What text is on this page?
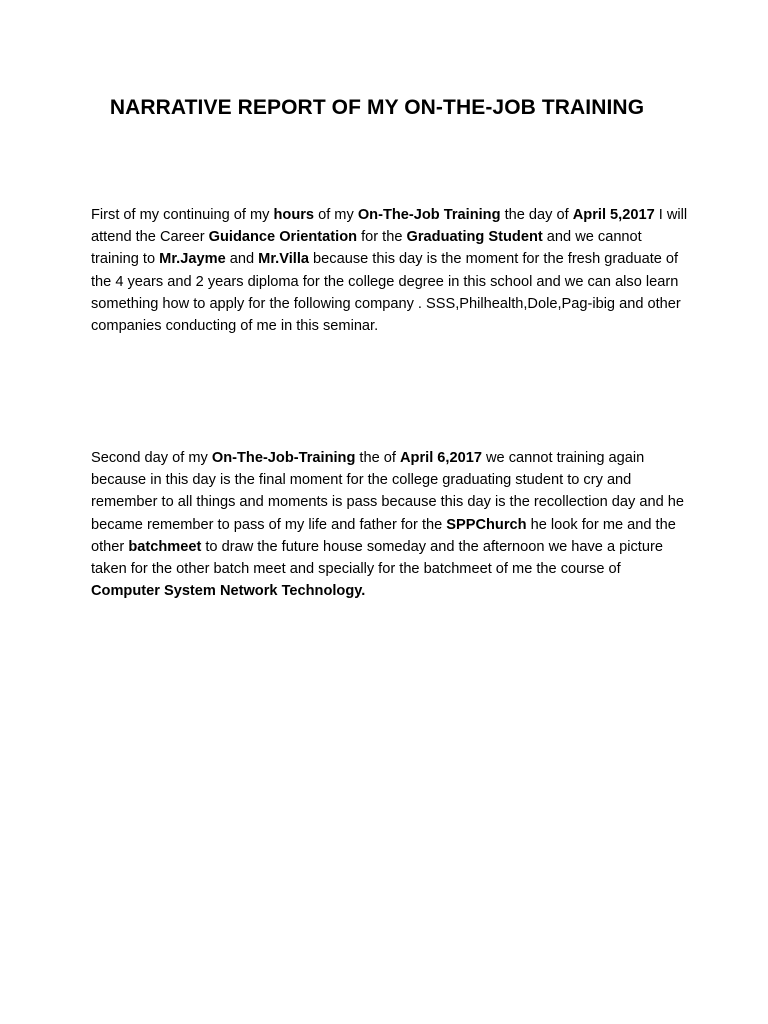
NARRATIVE REPORT OF MY ON-THE-JOB TRAINING

First of my continuing of my hours of my On-The-Job Training the day of April 5,2017 I will attend the Career Guidance Orientation for the Graduating Student and we cannot training to Mr.Jayme and Mr.Villa because this day is the moment for the fresh graduate of the 4 years and 2 years diploma for the college degree in this school and we can also learn something how to apply for the following company . SSS,Philhealth,Dole,Pag-ibig and other companies conducting of me in this seminar.

Second day of my On-The-Job-Training the of April 6,2017 we cannot training again because in this day is the final moment for the college graduating student to cry and remember to all things and moments is pass because this day is the recollection day and he became remember to pass of my life and father for the SPPChurch he look for me and the other batchmeet to draw the future house someday and the afternoon we have a picture taken for the other batch meet and specially for the batchmeet of me the course of Computer System Network Technology.
